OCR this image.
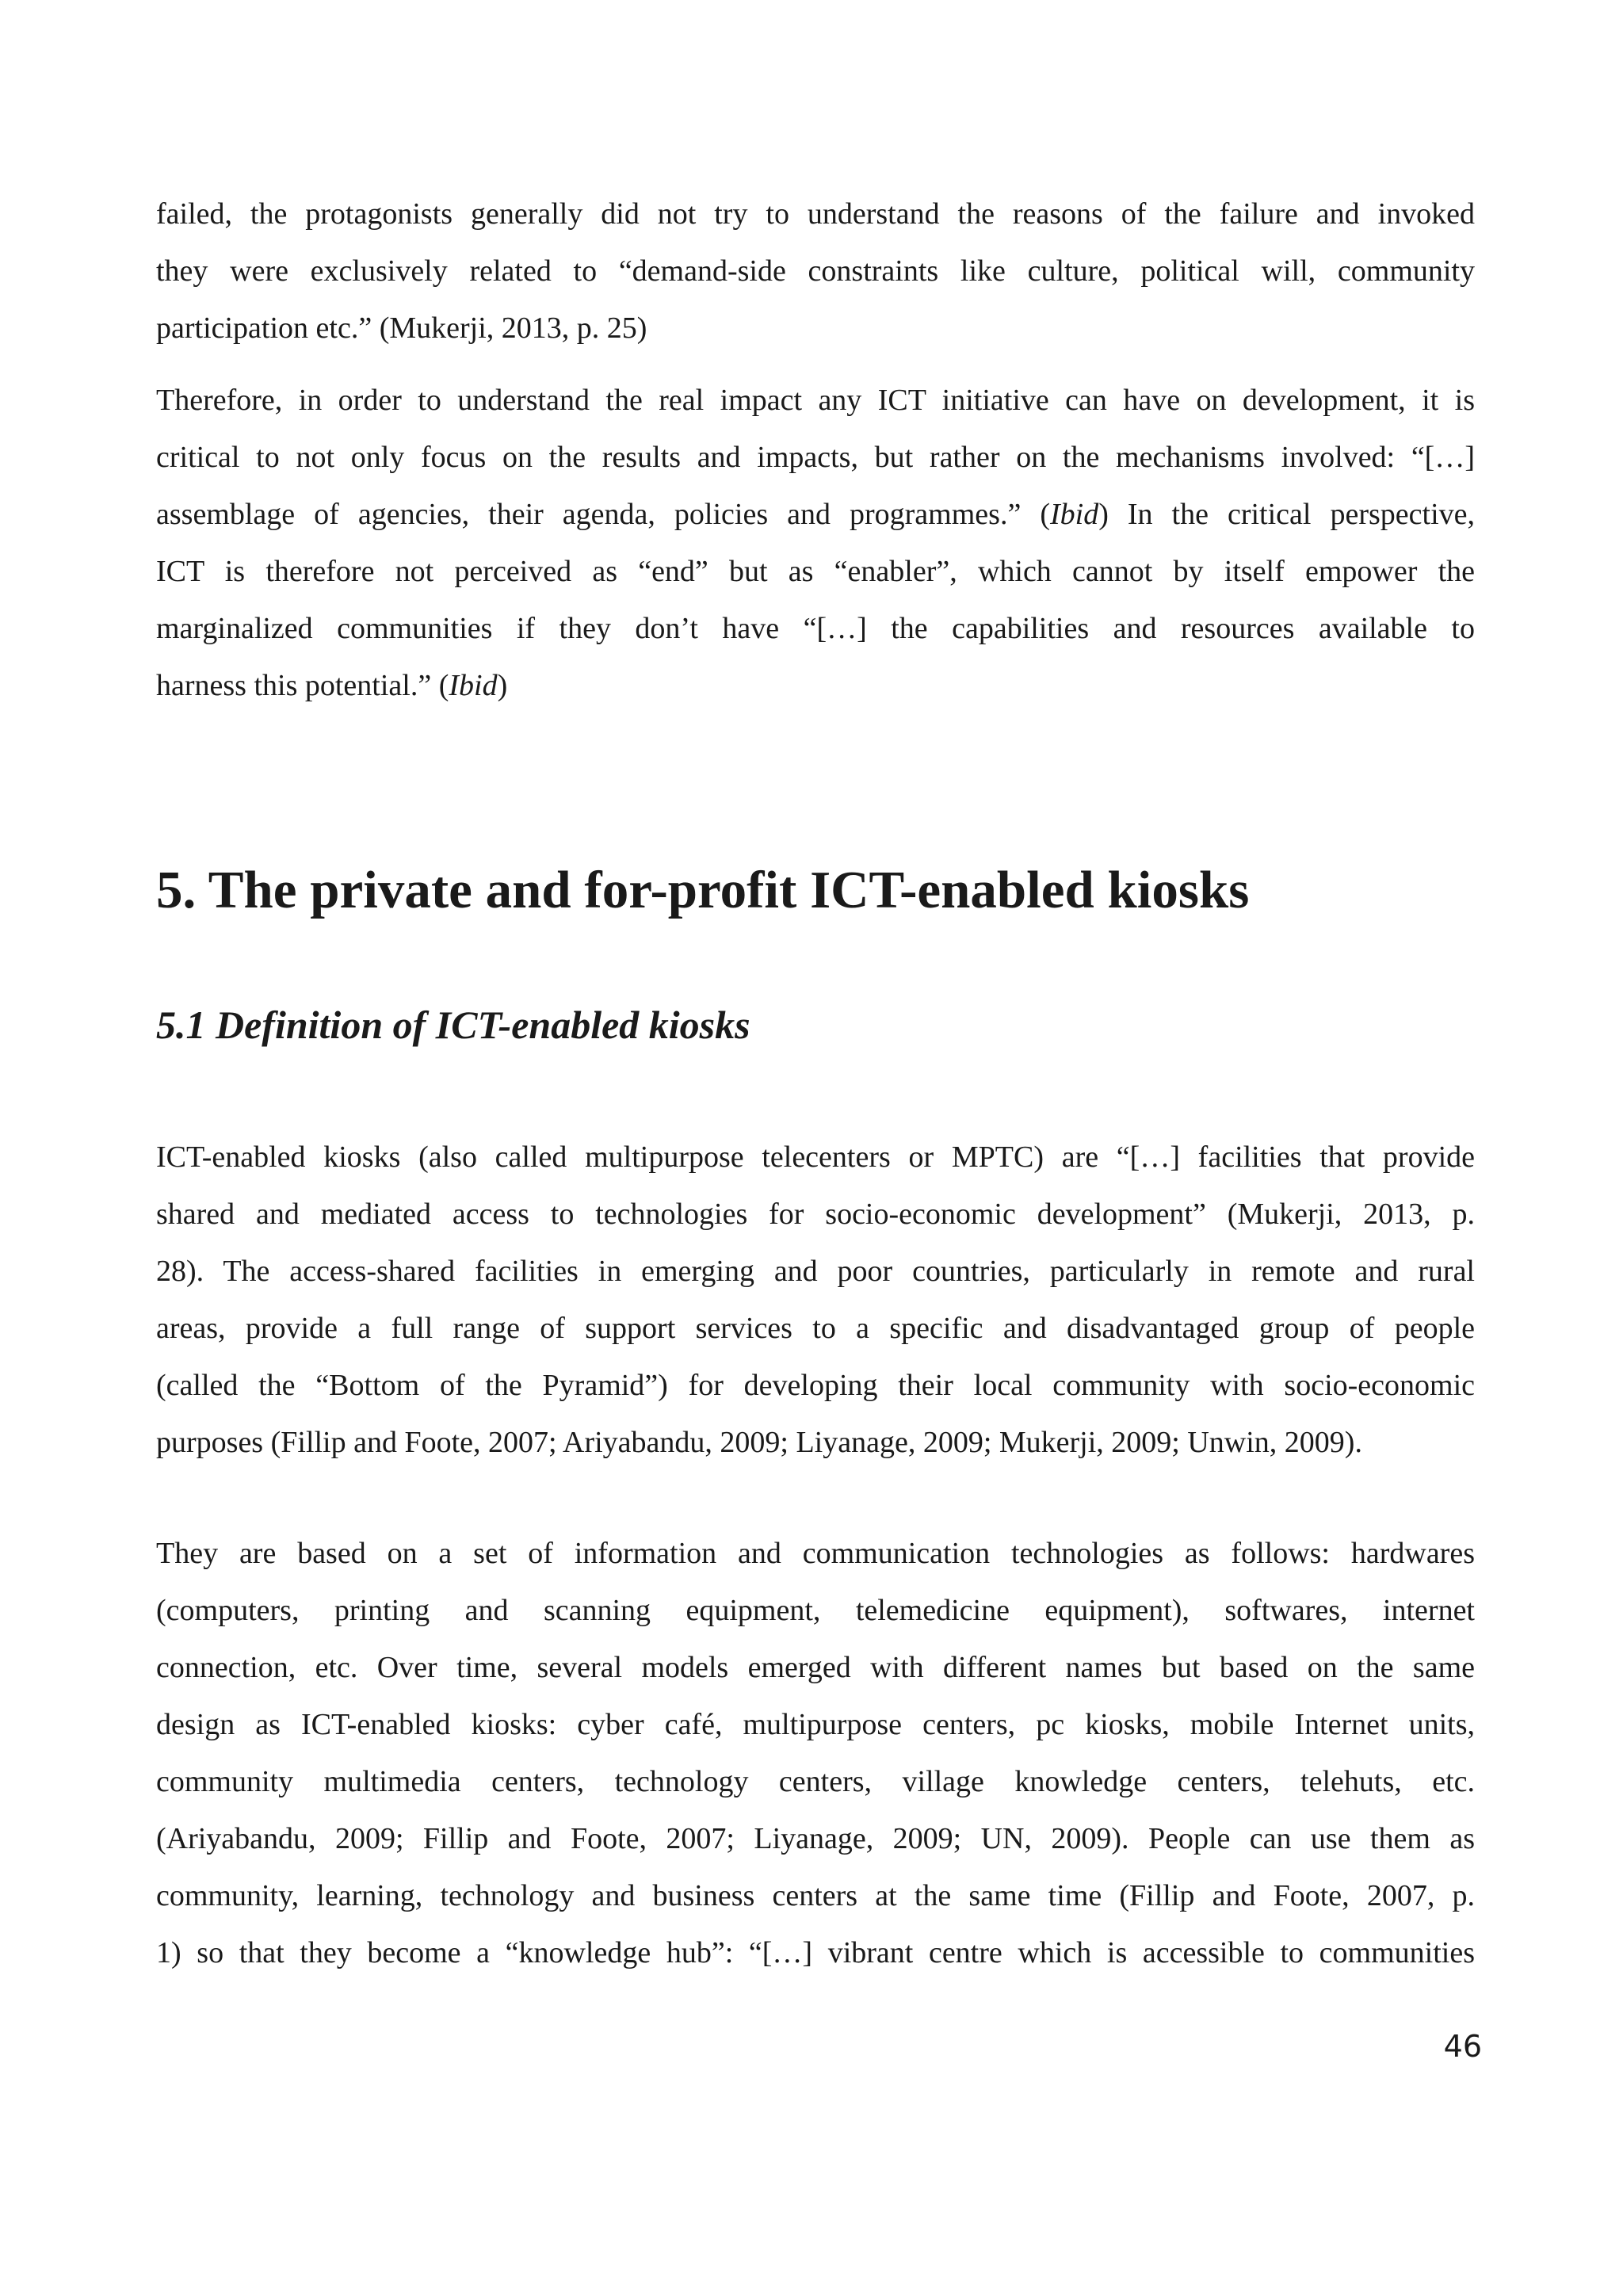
failed, the protagonists generally did not try to understand the reasons of the failure and invoked
they were exclusively related to “demand-side constraints like culture, political will, community
participation etc.” (Mukerji, 2013, p. 25)
Therefore, in order to understand the real impact any ICT initiative can have on development, it is
critical to not only focus on the results and impacts, but rather on the mechanisms involved: “[…]
assemblage of agencies, their agenda, policies and programmes.” (Ibid) In the critical perspective,
ICT is therefore not perceived as “end” but as “enabler”, which cannot by itself empower the
marginalized communities if they don’t have “[…] the capabilities and resources available to
harness this potential.” (Ibid)
5. The private and for-profit ICT-enabled kiosks
5.1 Definition of ICT-enabled kiosks
ICT-enabled kiosks (also called multipurpose telecenters or MPTC) are “[…] facilities that provide
shared and mediated access to technologies for socio-economic development” (Mukerji, 2013, p.
28). The access-shared facilities in emerging and poor countries, particularly in remote and rural
areas, provide a full range of support services to a specific and disadvantaged group of people
(called the “Bottom of the Pyramid”) for developing their local community with socio-economic
purposes (Fillip and Foote, 2007; Ariyabandu, 2009; Liyanage, 2009; Mukerji, 2009; Unwin, 2009).
They are based on a set of information and communication technologies as follows: hardwares
(computers, printing and scanning equipment, telemedicine equipment), softwares, internet
connection, etc. Over time, several models emerged with different names but based on the same
design as ICT-enabled kiosks: cyber café, multipurpose centers, pc kiosks, mobile Internet units,
community multimedia centers, technology centers, village knowledge centers, telehuts, etc.
(Ariyabandu, 2009; Fillip and Foote, 2007; Liyanage, 2009; UN, 2009). People can use them as
community, learning, technology and business centers at the same time (Fillip and Foote, 2007, p.
1) so that they become a “knowledge hub”: “[…] vibrant centre which is accessible to communities
46
